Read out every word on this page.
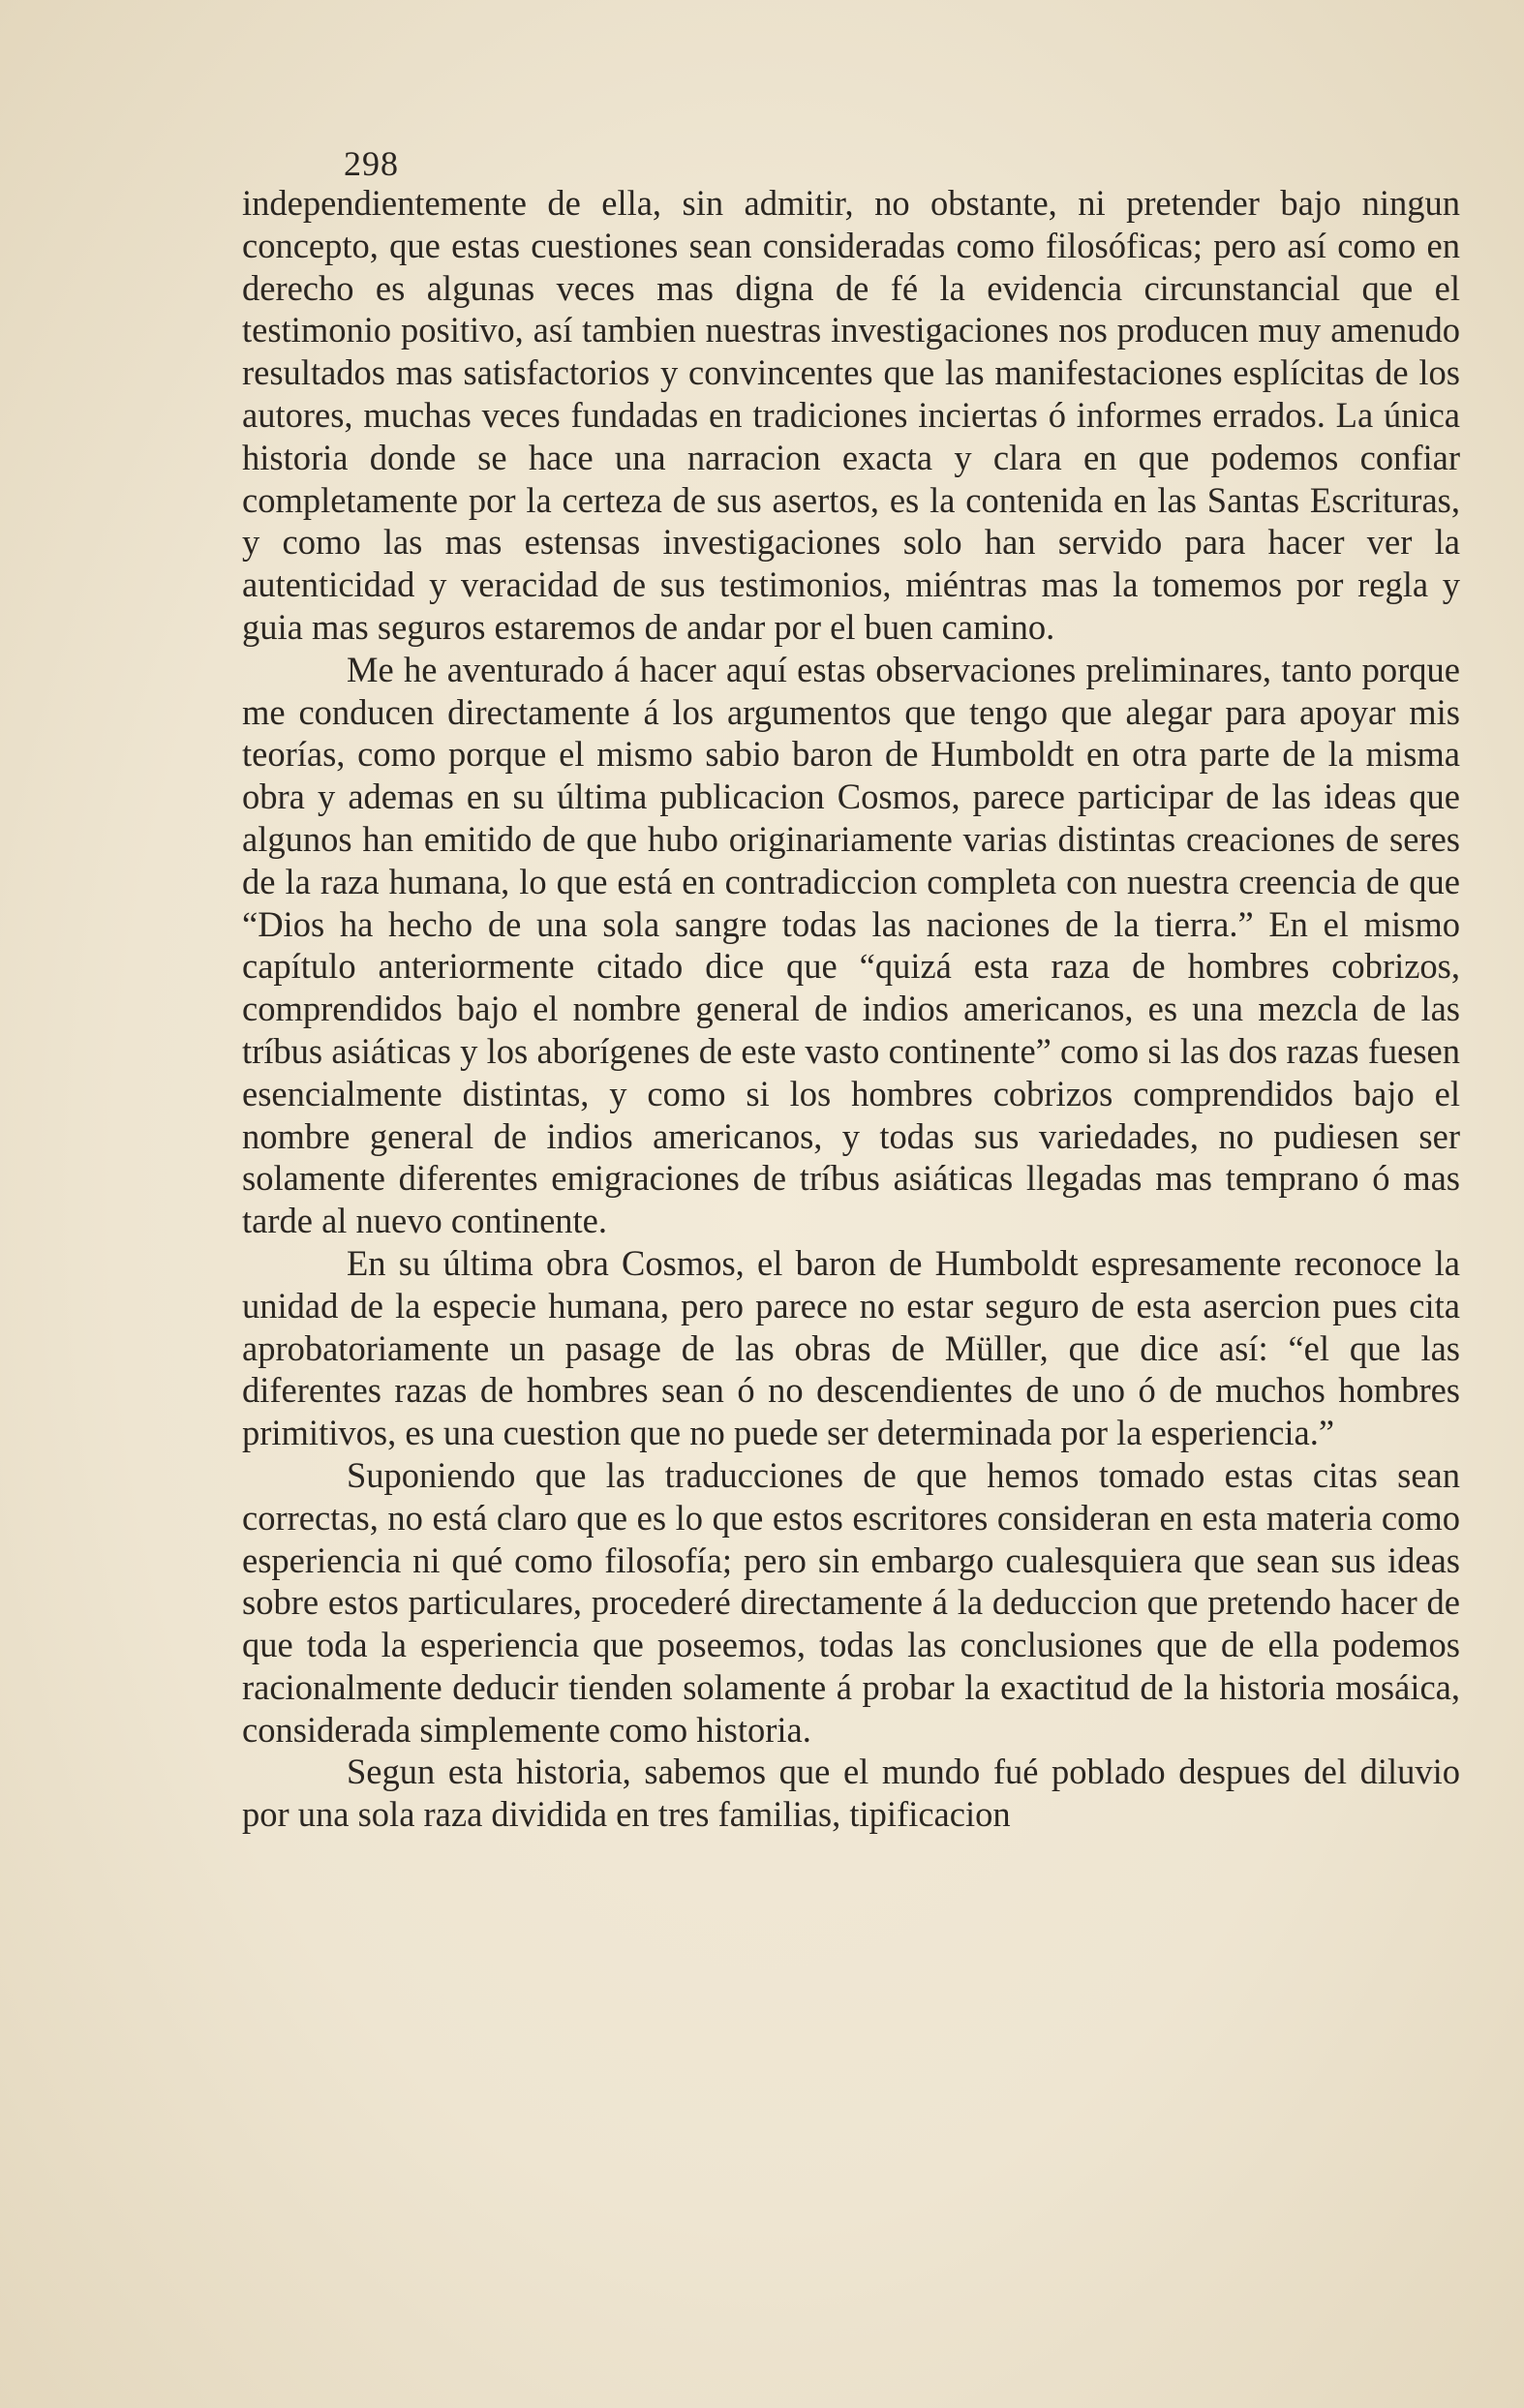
298

independientemente de ella, sin admitir, no obstante, ni pretender bajo ningun concepto, que estas cuestiones sean consideradas como filosóficas; pero así como en derecho es algunas veces mas digna de fé la evidencia circunstancial que el testimonio positivo, así tambien nuestras investigaciones nos producen muy amenudo resultados mas satisfactorios y convincentes que las manifestaciones esplícitas de los autores, muchas veces fundadas en tradiciones inciertas ó informes errados. La única historia donde se hace una narracion exacta y clara en que podemos confiar completamente por la certeza de sus asertos, es la contenida en las Santas Escrituras, y como las mas estensas investigaciones solo han servido para hacer ver la autenticidad y veracidad de sus testimonios, miéntras mas la tomemos por regla y guia mas seguros estaremos de andar por el buen camino.

Me he aventurado á hacer aquí estas observaciones preliminares, tanto porque me conducen directamente á los argumentos que tengo que alegar para apoyar mis teorías, como porque el mismo sabio baron de Humboldt en otra parte de la misma obra y ademas en su última publicacion Cosmos, parece participar de las ideas que algunos han emitido de que hubo originariamente varias distintas creaciones de seres de la raza humana, lo que está en contradiccion completa con nuestra creencia de que “Dios ha hecho de una sola sangre todas las naciones de la tierra.” En el mismo capítulo anteriormente citado dice que “quizá esta raza de hombres cobrizos, comprendidos bajo el nombre general de indios americanos, es una mezcla de las tríbus asiáticas y los aborígenes de este vasto continente” como si las dos razas fuesen esencialmente distintas, y como si los hombres cobrizos comprendidos bajo el nombre general de indios americanos, y todas sus variedades, no pudiesen ser solamente diferentes emigraciones de tríbus asiáticas llegadas mas temprano ó mas tarde al nuevo continente.

En su última obra Cosmos, el baron de Humboldt espresamente reconoce la unidad de la especie humana, pero parece no estar seguro de esta asercion pues cita aprobatoriamente un pasage de las obras de Müller, que dice así: “el que las diferentes razas de hombres sean ó no descendientes de uno ó de muchos hombres primitivos, es una cuestion que no puede ser determinada por la esperiencia.”

Suponiendo que las traducciones de que hemos tomado estas citas sean correctas, no está claro que es lo que estos escritores consideran en esta materia como esperiencia ni qué como filosofía; pero sin embargo cualesquiera que sean sus ideas sobre estos particulares, procederé directamente á la deduccion que pretendo hacer de que toda la esperiencia que poseemos, todas las conclusiones que de ella podemos racionalmente deducir tienden solamente á probar la exactitud de la historia mosáica, considerada simplemente como historia.

Segun esta historia, sabemos que el mundo fué poblado despues del diluvio por una sola raza dividida en tres familias, tipificacion
